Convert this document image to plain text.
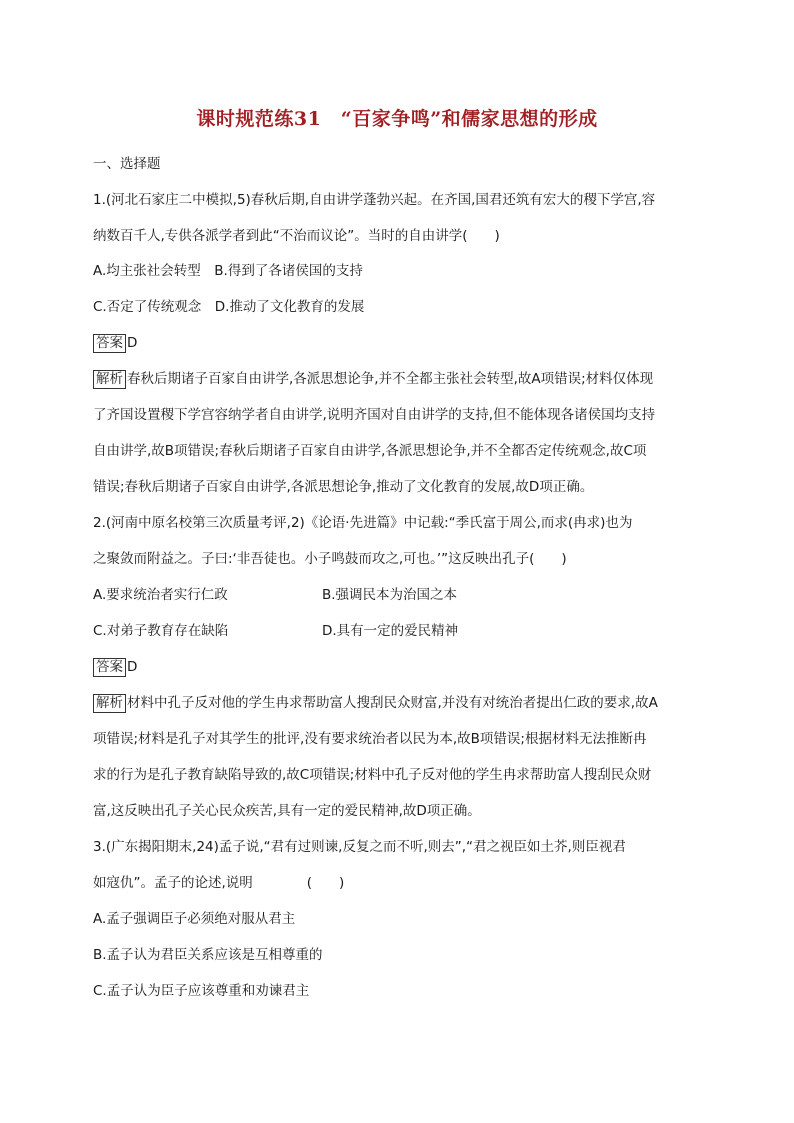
课时规范练31　“百家争鸣”和儒家思想的形成
一、选择题
1.(河北石家庄二中模拟,5)春秋后期,自由讲学蓬勃兴起。在齐国,国君还筑有宏大的稷下学宫,容
纳数百千人,专供各派学者到此“不治而议论”。当时的自由讲学(　　)
A.均主张社会转型　B.得到了各诸侯国的支持
C.否定了传统观念　D.推动了文化教育的发展
答案 D
解析 春秋后期诸子百家自由讲学,各派思想论争,并不全都主张社会转型,故A项错误;材料仅体现
了齐国设置稷下学宫容纳学者自由讲学,说明齐国对自由讲学的支持,但不能体现各诸侯国均支持
自由讲学,故B项错误;春秋后期诸子百家自由讲学,各派思想论争,并不全都否定传统观念,故C项
错误;春秋后期诸子百家自由讲学,各派思想论争,推动了文化教育的发展,故D项正确。
2.(河南中原名校第三次质量考评,2)《论语·先进篇》中记载:“季氏富于周公,而求(冉求)也为
之聚敛而附益之。子曰:‘非吾徒也。小子鸣鼓而攻之,可也。’”这反映出孔子(　　)
A.要求统治者实行仁政	B.强调民本为治国之本
C.对弟子教育存在缺陷	D.具有一定的爱民精神
答案 D
解析 材料中孔子反对他的学生冉求帮助富人搜刮民众财富,并没有对统治者提出仁政的要求,故A
项错误;材料是孔子对其学生的批评,没有要求统治者以民为本,故B项错误;根据材料无法推断冉
求的行为是孔子教育缺陷导致的,故C项错误;材料中孔子反对他的学生冉求帮助富人搜刮民众财
富,这反映出孔子关心民众疾苦,具有一定的爱民精神,故D项正确。
3.(广东揭阳期末,24)孟子说,“君有过则谏,反复之而不听,则去”,“君之视臣如土芥,则臣视君
如寇仇”。孟子的论述,说明　　　　(　　)
A.孟子强调臣子必须绝对服从君主
B.孟子认为君臣关系应该是互相尊重的
C.孟子认为臣子应该尊重和劝谏君主
